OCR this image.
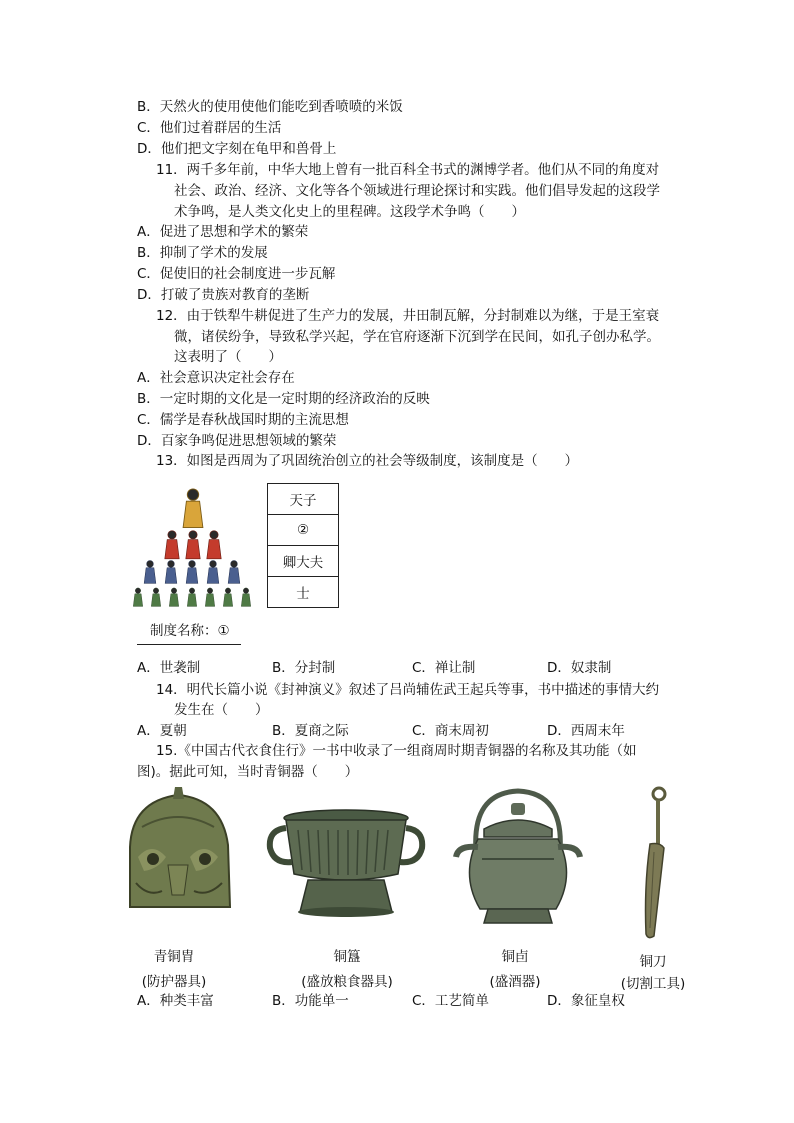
B．天然火的使用使他们能吃到香喷喷的米饭
C．他们过着群居的生活
D．他们把文字刻在龟甲和兽骨上
11．两千多年前，中华大地上曾有一批百科全书式的渊博学者。他们从不同的角度对
社会、政治、经济、文化等各个领域进行理论探讨和实践。他们倡导发起的这段学
术争鸣，是人类文化史上的里程碑。这段学术争鸣（　　）
A．促进了思想和学术的繁荣
B．抑制了学术的发展
C．促使旧的社会制度进一步瓦解
D．打破了贵族对教育的垄断
12．由于铁犁牛耕促进了生产力的发展，井田制瓦解，分封制难以为继，于是王室衰
微，诸侯纷争，导致私学兴起，学在官府逐渐下沉到学在民间，如孔子创办私学。
这表明了（　　）
A．社会意识决定社会存在
B．一定时期的文化是一定时期的经济政治的反映
C．儒学是春秋战国时期的主流思想
D．百家争鸣促进思想领域的繁荣
13．如图是西周为了巩固统治创立的社会等级制度，该制度是（　　）
天子
②
卿大夫
士
制度名称：①
A．世袭制	B．分封制	C．禅让制	D．奴隶制
14．明代长篇小说《封神演义》叙述了吕尚辅佐武王起兵等事，书中描述的事情大约
发生在（　　）
A．夏朝	B．夏商之际	C．商末周初	D．西周末年
15.《中国古代衣食住行》一书中收录了一组商周时期青铜器的名称及其功能（如
图)。据此可知，当时青铜器（　　）
青铜胄
(防护器具)
铜簋
(盛放粮食器具)
铜卣
(盛酒器)
铜刀
(切割工具)
A．种类丰富	B．功能单一	C．工艺简单	D．象征皇权
